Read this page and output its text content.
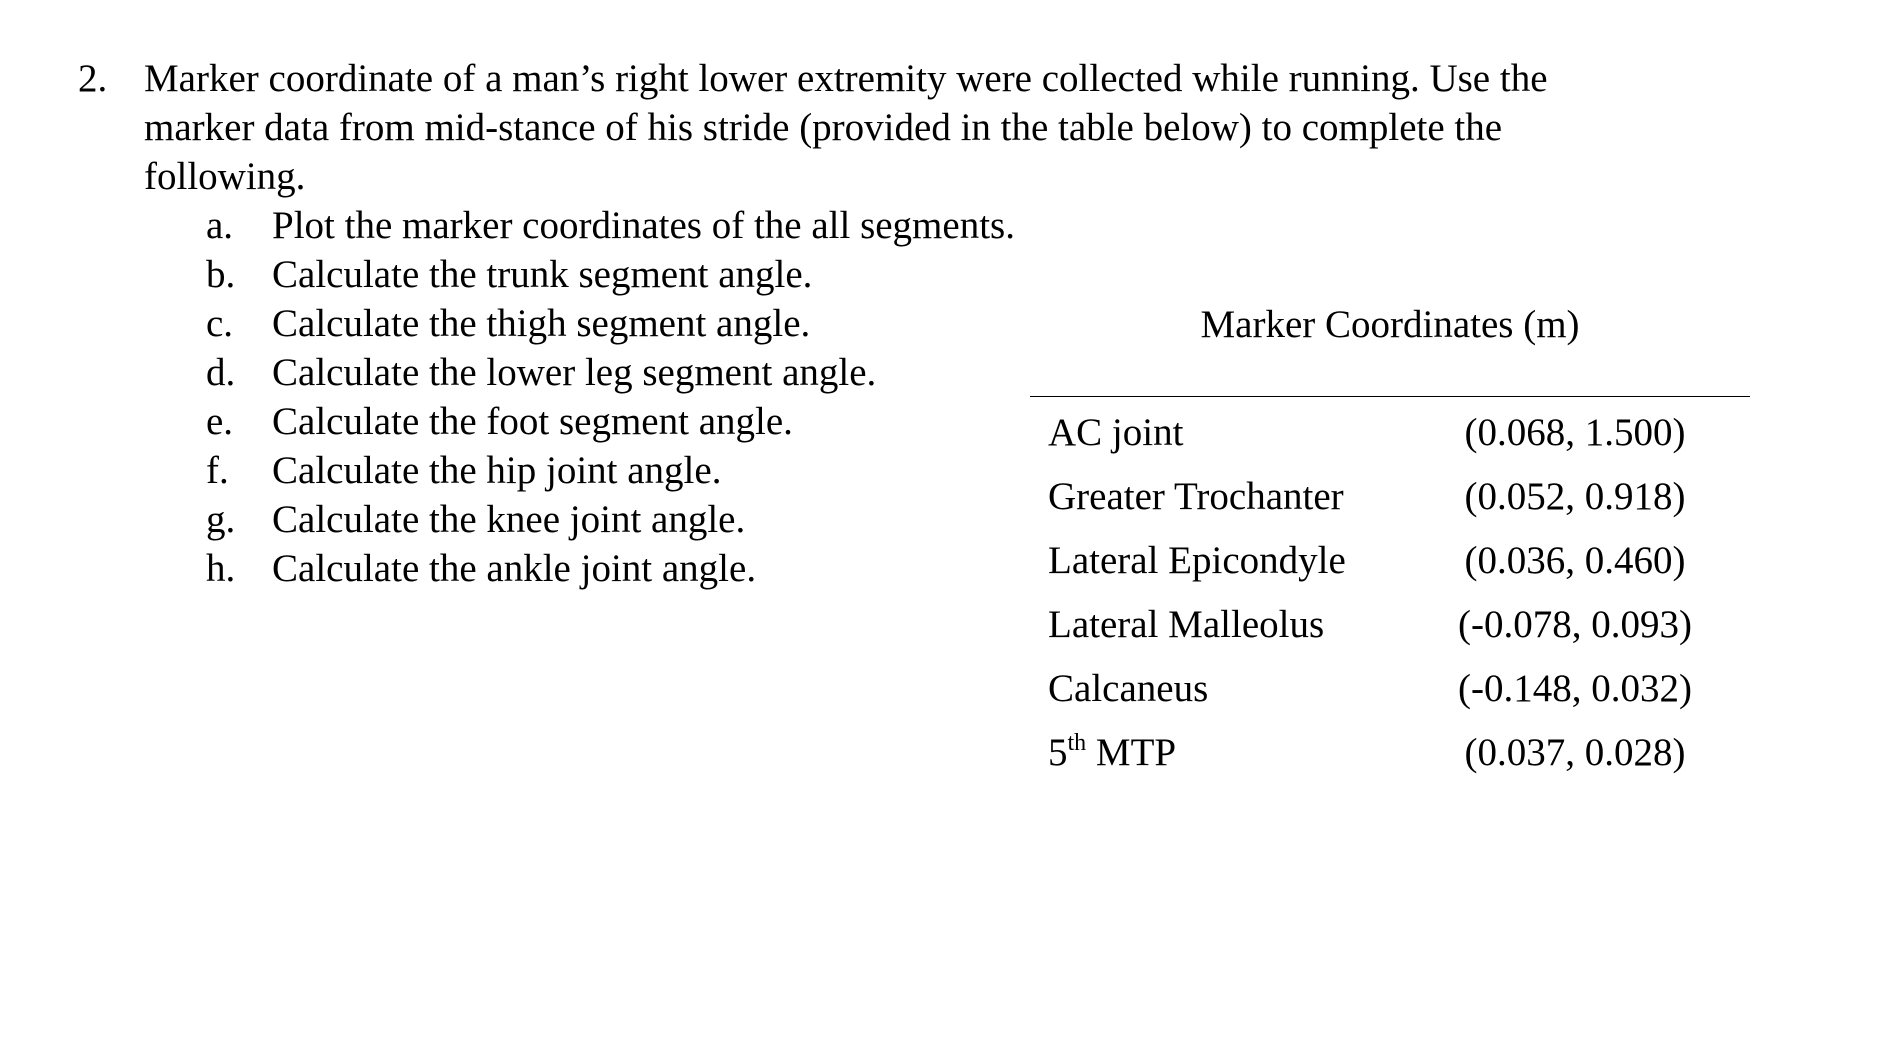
2. Marker coordinate of a man’s right lower extremity were collected while running. Use the
marker data from mid-stance of his stride (provided in the table below) to complete the
following.
a. Plot the marker coordinates of the all segments.
b. Calculate the trunk segment angle.
c. Calculate the thigh segment angle.
d. Calculate the lower leg segment angle.
e. Calculate the foot segment angle.
f. Calculate the hip joint angle.
g. Calculate the knee joint angle.
h. Calculate the ankle joint angle.
Marker Coordinates (m)
AC joint	(0.068, 1.500)
Greater Trochanter	(0.052, 0.918)
Lateral Epicondyle	(0.036, 0.460)
Lateral Malleolus	(-0.078, 0.093)
Calcaneus	(-0.148, 0.032)
5th MTP	(0.037, 0.028)
